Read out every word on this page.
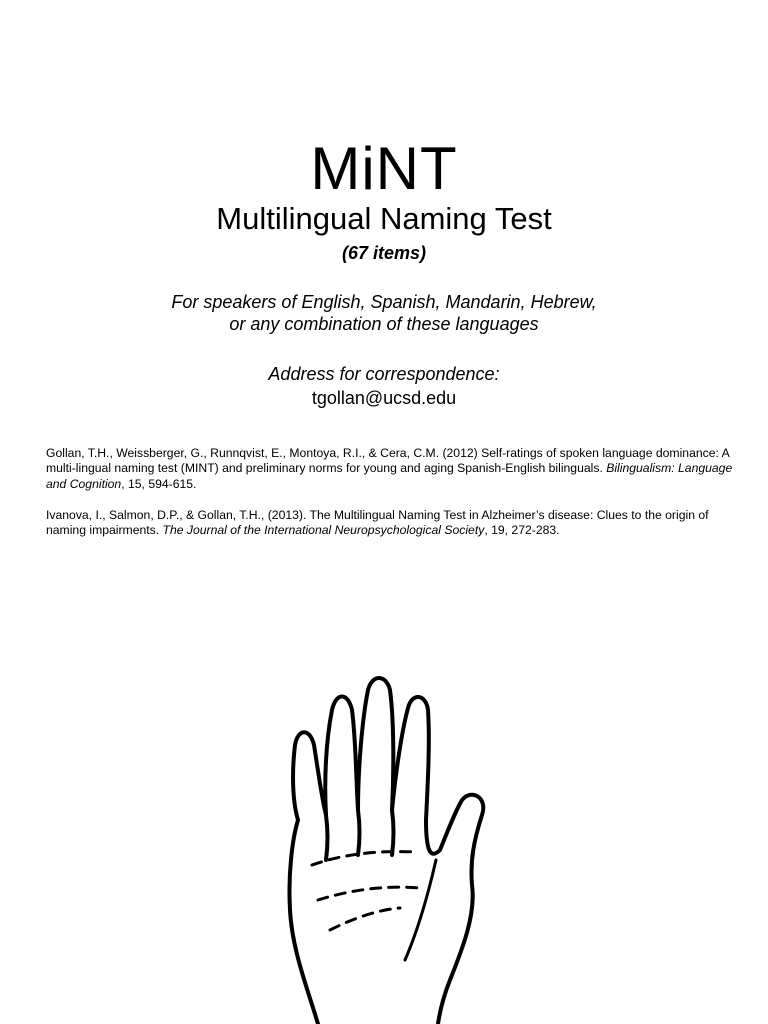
MiNT
Multilingual Naming Test
(67 items)
For speakers of English, Spanish, Mandarin, Hebrew,
or any combination of these languages
Address for correspondence:
tgollan@ucsd.edu
Gollan, T.H., Weissberger, G., Runnqvist, E., Montoya, R.I., & Cera, C.M. (2012) Self-ratings of spoken language dominance: A multi-lingual naming test (MINT) and preliminary norms for young and aging Spanish-English bilinguals. Bilingualism: Language and Cognition, 15, 594-615.
Ivanova, I., Salmon, D.P., & Gollan, T.H., (2013). The Multilingual Naming Test in Alzheimer’s disease: Clues to the origin of naming impairments. The Journal of the International Neuropsychological Society, 19, 272-283.
